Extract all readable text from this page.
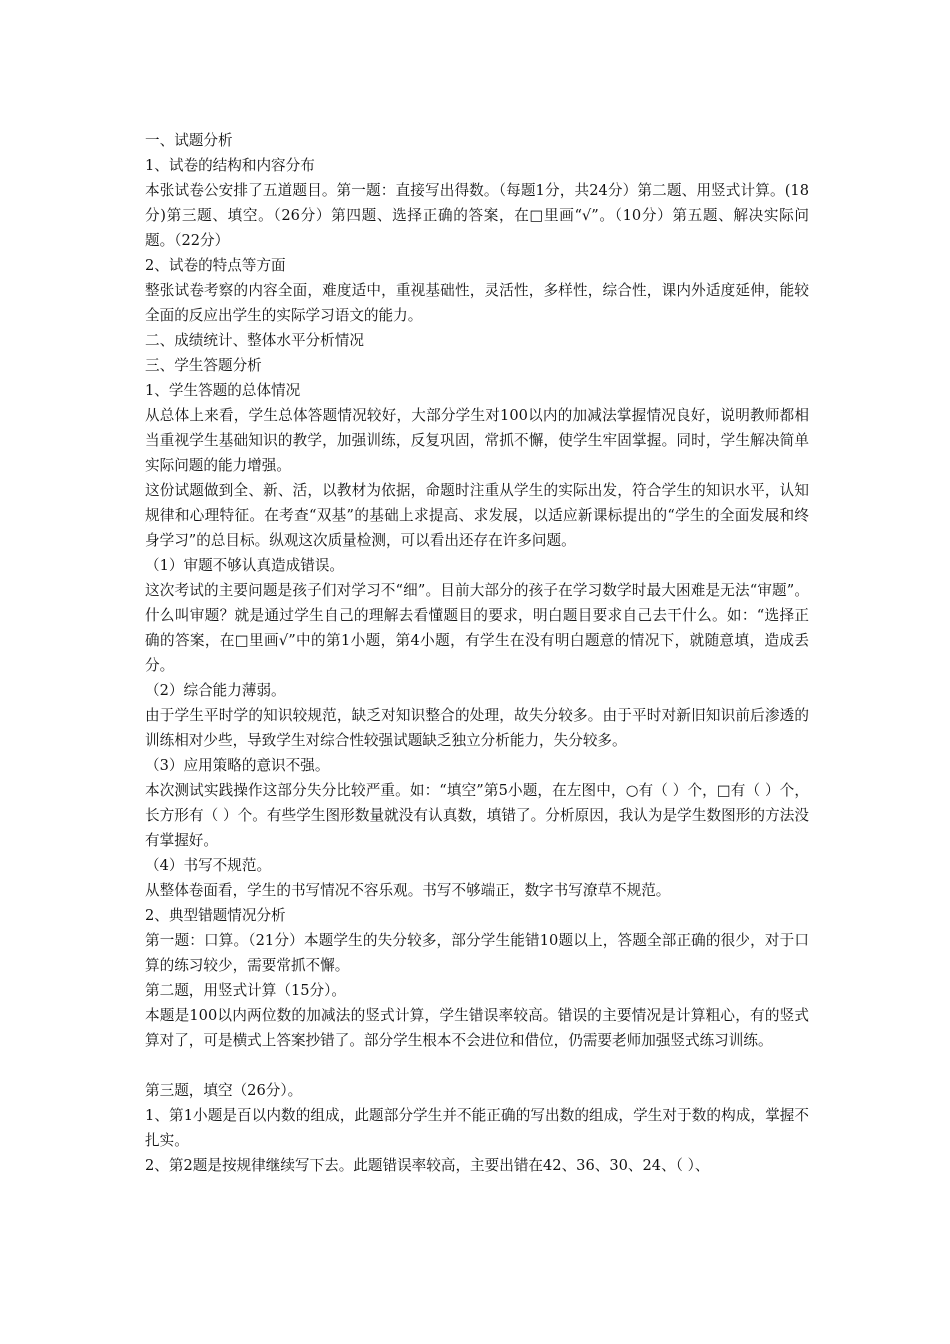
一、试题分析

1、试卷的结构和内容分布

本张试卷公安排了五道题目。第一题：直接写出得数。（每题1分，共24分）第二题、用竖式计算。(18分)第三题、填空。（26分）第四题、选择正确的答案，在□里画“√”。（10分）第五题、解决实际问题。（22分）

2、试卷的特点等方面

整张试卷考察的内容全面，难度适中，重视基础性，灵活性，多样性，综合性，课内外适度延伸，能较全面的反应出学生的实际学习语文的能力。

二、成绩统计、整体水平分析情况

三、学生答题分析

1、学生答题的总体情况

从总体上来看，学生总体答题情况较好，大部分学生对100以内的加减法掌握情况良好，说明教师都相当重视学生基础知识的教学，加强训练，反复巩固，常抓不懈，使学生牢固掌握。同时，学生解决简单实际问题的能力增强。

这份试题做到全、新、活，以教材为依据，命题时注重从学生的实际出发，符合学生的知识水平，认知规律和心理特征。在考查“双基”的基础上求提高、求发展，以适应新课标提出的“学生的全面发展和终身学习”的总目标。纵观这次质量检测，可以看出还存在许多问题。

（1）审题不够认真造成错误。

这次考试的主要问题是孩子们对学习不“细”。目前大部分的孩子在学习数学时最大困难是无法“审题”。什么叫审题？就是通过学生自己的理解去看懂题目的要求，明白题目要求自己去干什么。如：“选择正确的答案，在□里画√”中的第1小题，第4小题，有学生在没有明白题意的情况下，就随意填，造成丢分。

（2）综合能力薄弱。

由于学生平时学的知识较规范，缺乏对知识整合的处理，故失分较多。由于平时对新旧知识前后渗透的训练相对少些，导致学生对综合性较强试题缺乏独立分析能力，失分较多。

（3）应用策略的意识不强。

本次测试实践操作这部分失分比较严重。如：“填空”第5小题，在左图中，○有（ ）个，□有（ ）个，长方形有（ ）个。有些学生图形数量就没有认真数，填错了。分析原因，我认为是学生数图形的方法没有掌握好。

（4）书写不规范。

从整体卷面看，学生的书写情况不容乐观。书写不够端正，数字书写潦草不规范。

2、典型错题情况分析

第一题：口算。（21分）本题学生的失分较多，部分学生能错10题以上，答题全部正确的很少，对于口算的练习较少，需要常抓不懈。

第二题，用竖式计算（15分）。

本题是100以内两位数的加减法的竖式计算，学生错误率较高。错误的主要情况是计算粗心，有的竖式算对了，可是横式上答案抄错了。部分学生根本不会进位和借位，仍需要老师加强竖式练习训练。

第三题，填空（26分）。

1、第1小题是百以内数的组成，此题部分学生并不能正确的写出数的组成，学生对于数的构成，掌握不扎实。

2、第2题是按规律继续写下去。此题错误率较高，主要出错在42、36、30、24、（ ）、
